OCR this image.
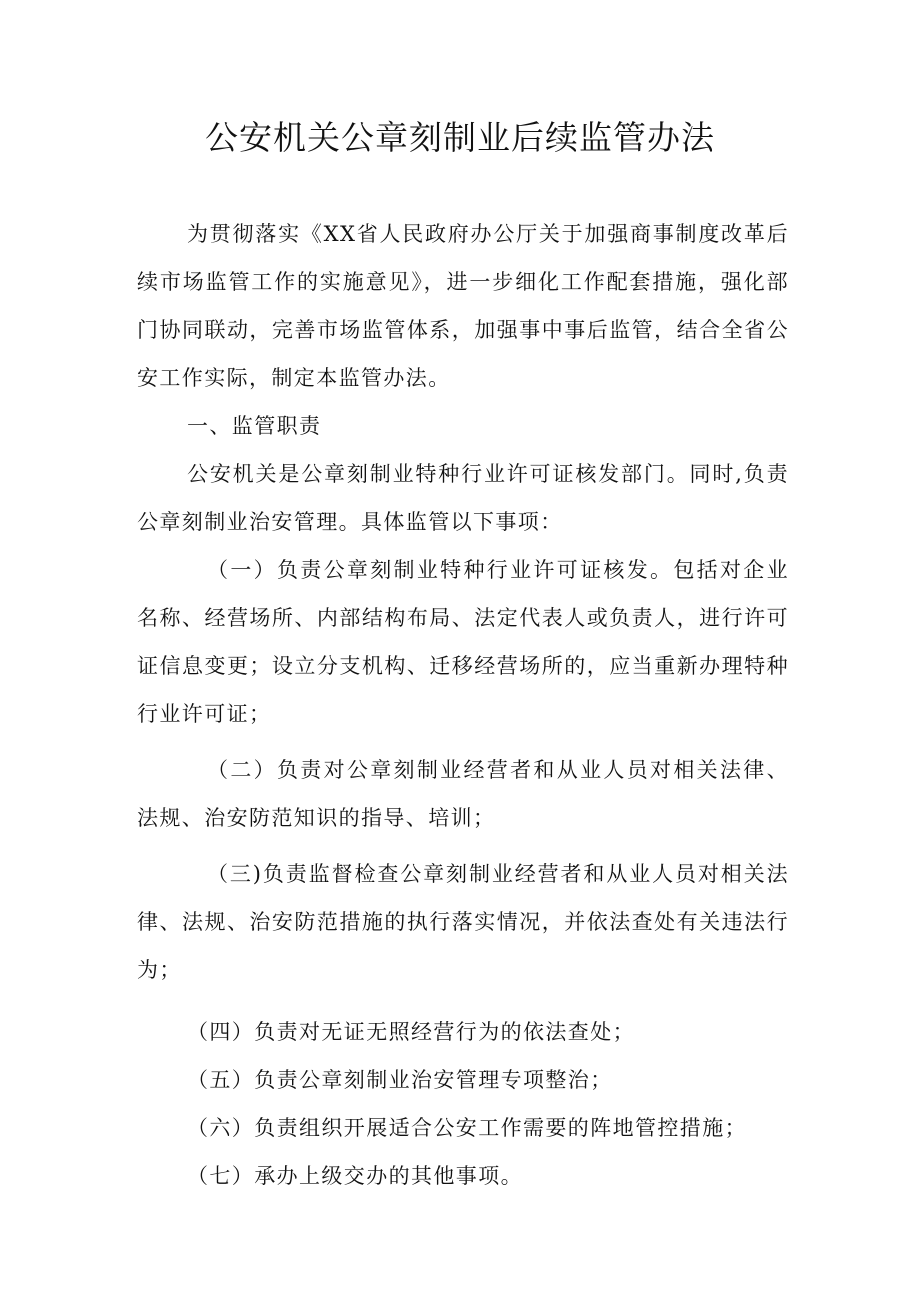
公安机关公章刻制业后续监管办法

为贯彻落实《XX省人民政府办公厅关于加强商事制度改革后续市场监管工作的实施意见》，进一步细化工作配套措施，强化部门协同联动，完善市场监管体系，加强事中事后监管，结合全省公安工作实际，制定本监管办法。

一、监管职责

公安机关是公章刻制业特种行业许可证核发部门。同时,负责公章刻制业治安管理。具体监管以下事项：

（一）负责公章刻制业特种行业许可证核发。包括对企业名称、经营场所、内部结构布局、法定代表人或负责人，进行许可证信息变更；设立分支机构、迁移经营场所的，应当重新办理特种行业许可证；

（二）负责对公章刻制业经营者和从业人员对相关法律、法规、治安防范知识的指导、培训；

（三)负责监督检查公章刻制业经营者和从业人员对相关法律、法规、治安防范措施的执行落实情况，并依法查处有关违法行为；

（四）负责对无证无照经营行为的依法查处；

（五）负责公章刻制业治安管理专项整治；

（六）负责组织开展适合公安工作需要的阵地管控措施；

（七）承办上级交办的其他事项。
